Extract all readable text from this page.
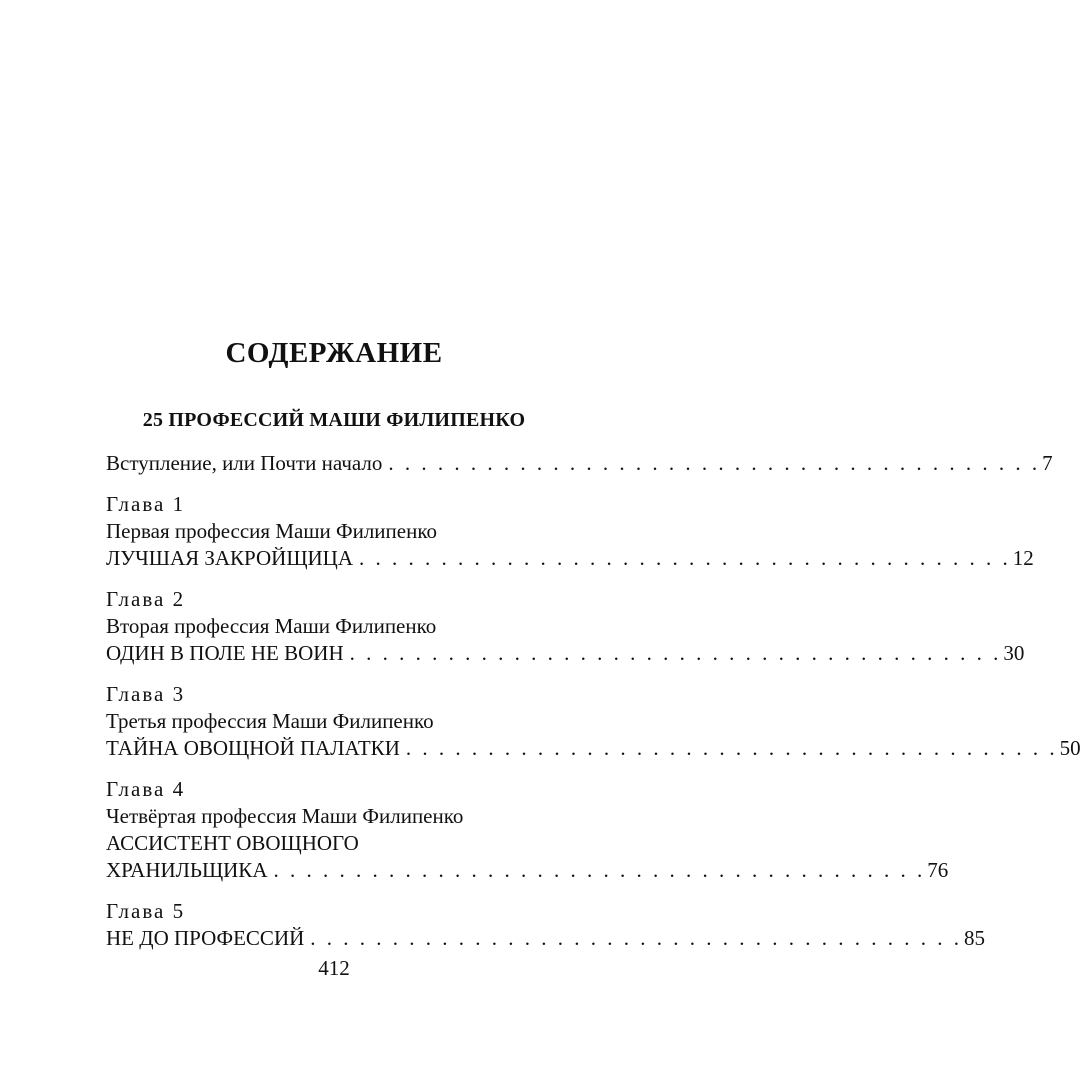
СОДЕРЖАНИЕ
25 ПРОФЕССИЙ МАШИ ФИЛИПЕНКО
Вступление, или Почти начало . . . . . . . . . . . . . . . . . . . . . . . . . . . . . . . . . . . . . . . . 7
Глава 1
Первая профессия Маши Филипенко
ЛУЧШАЯ ЗАКРОЙЩИЦА . . . . . . . . . . . . . . . . . . . . . . . . . . . . . . . . . . . . . . . . 12
Глава 2
Вторая профессия Маши Филипенко
ОДИН В ПОЛЕ НЕ ВОИН . . . . . . . . . . . . . . . . . . . . . . . . . . . . . . . . . . . . . . . . 30
Глава 3
Третья профессия Маши Филипенко
ТАЙНА ОВОЩНОЙ ПАЛАТКИ . . . . . . . . . . . . . . . . . . . . . . . . . . . . . . . . . . . . . . . . 50
Глава 4
Четвёртая профессия Маши Филипенко
АССИСТЕНТ ОВОЩНОГО
ХРАНИЛЬЩИКА . . . . . . . . . . . . . . . . . . . . . . . . . . . . . . . . . . . . . . . . 76
Глава 5
НЕ ДО ПРОФЕССИЙ . . . . . . . . . . . . . . . . . . . . . . . . . . . . . . . . . . . . . . . . 85
412
